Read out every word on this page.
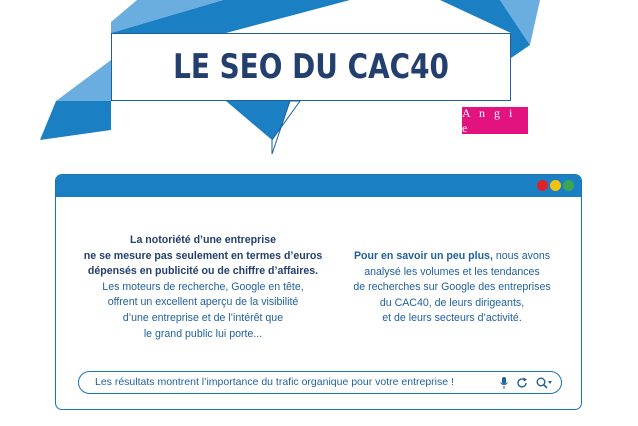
LE SEO DU CAC40
A n g i e
La notoriété d’une entreprise
ne se mesure pas seulement en termes d’euros
dépensés en publicité ou de chiffre d’affaires.
Les moteurs de recherche, Google en tête,
offrent un excellent aperçu de la visibilité
d’une entreprise et de l’intérêt que
le grand public lui porte...
Pour en savoir un peu plus, nous avons
analysé les volumes et les tendances
de recherches sur Google des entreprises
du CAC40, de leurs dirigeants,
et de leurs secteurs d’activité.
Les résultats montrent l’importance du trafic organique pour votre entreprise !
